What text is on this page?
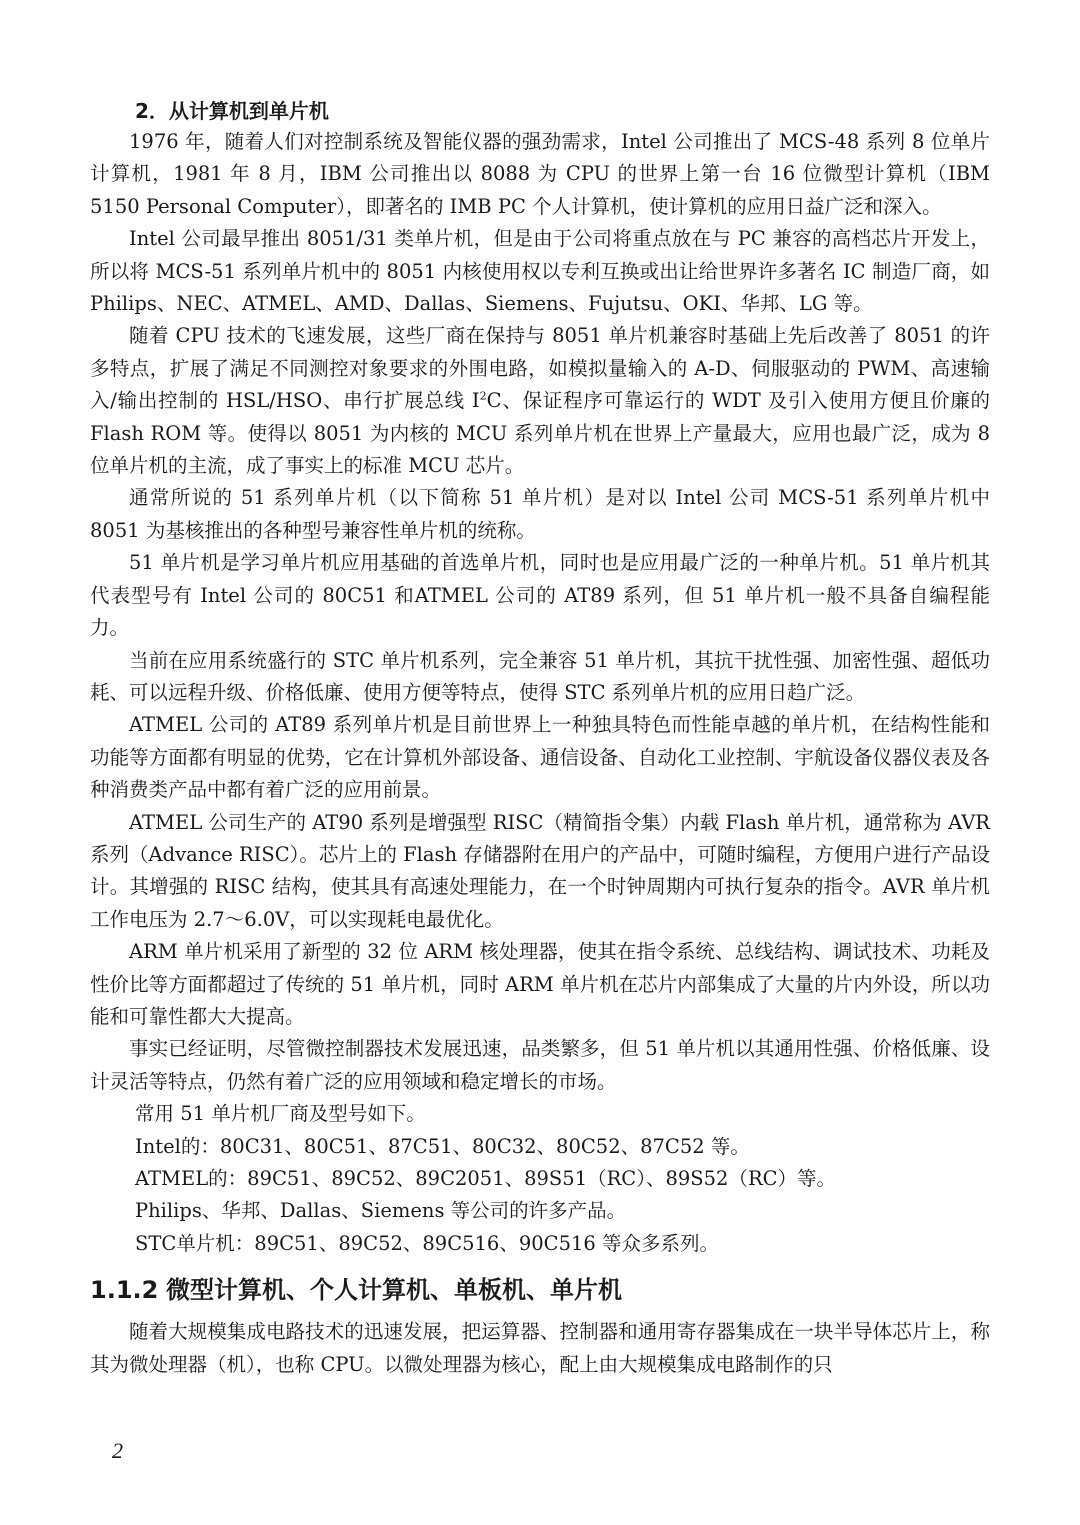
2．从计算机到单片机

1976 年，随着人们对控制系统及智能仪器的强劲需求，Intel 公司推出了 MCS-48 系列 8 位单片计算机，1981 年 8 月，IBM 公司推出以 8088 为 CPU 的世界上第一台 16 位微型计算机（IBM 5150 Personal Computer），即著名的 IMB PC 个人计算机，使计算机的应用日益广泛和深入。

Intel 公司最早推出 8051/31 类单片机，但是由于公司将重点放在与 PC 兼容的高档芯片开发上，所以将 MCS-51 系列单片机中的 8051 内核使用权以专利互换或出让给世界许多著名 IC 制造厂商，如 Philips、NEC、ATMEL、AMD、Dallas、Siemens、Fujutsu、OKI、华邦、LG 等。

随着 CPU 技术的飞速发展，这些厂商在保持与 8051 单片机兼容时基础上先后改善了 8051 的许多特点，扩展了满足不同测控对象要求的外围电路，如模拟量输入的 A-D、伺服驱动的 PWM、高速输入/输出控制的 HSL/HSO、串行扩展总线 $I^2C$、保证程序可靠运行的 WDT 及引入使用方便且价廉的 Flash ROM 等。使得以 8051 为内核的 MCU 系列单片机在世界上产量最大，应用也最广泛，成为 8 位单片机的主流，成了事实上的标准 MCU 芯片。

通常所说的 51 系列单片机（以下简称 51 单片机）是对以 Intel 公司 MCS-51 系列单片机中 8051 为基核推出的各种型号兼容性单片机的统称。

51 单片机是学习单片机应用基础的首选单片机，同时也是应用最广泛的一种单片机。51 单片机其代表型号有 Intel 公司的 80C51 和ATMEL 公司的 AT89 系列，但 51 单片机一般不具备自编程能力。

当前在应用系统盛行的 STC 单片机系列，完全兼容 51 单片机，其抗干扰性强、加密性强、超低功耗、可以远程升级、价格低廉、使用方便等特点，使得 STC 系列单片机的应用日趋广泛。

ATMEL 公司的 AT89 系列单片机是目前世界上一种独具特色而性能卓越的单片机，在结构性能和功能等方面都有明显的优势，它在计算机外部设备、通信设备、自动化工业控制、宇航设备仪器仪表及各种消费类产品中都有着广泛的应用前景。

ATMEL 公司生产的 AT90 系列是增强型 RISC（精简指令集）内载 Flash 单片机，通常称为 AVR 系列（Advance RISC）。芯片上的 Flash 存储器附在用户的产品中，可随时编程，方便用户进行产品设计。其增强的 RISC 结构，使其具有高速处理能力，在一个时钟周期内可执行复杂的指令。AVR 单片机工作电压为 2.7～6.0V，可以实现耗电最优化。

ARM 单片机采用了新型的 32 位 ARM 核处理器，使其在指令系统、总线结构、调试技术、功耗及性价比等方面都超过了传统的 51 单片机，同时 ARM 单片机在芯片内部集成了大量的片内外设，所以功能和可靠性都大大提高。

事实已经证明，尽管微控制器技术发展迅速，品类繁多，但 51 单片机以其通用性强、价格低廉、设计灵活等特点，仍然有着广泛的应用领域和稳定增长的市场。

常用 51 单片机厂商及型号如下。

Intel的：80C31、80C51、87C51、80C32、80C52、87C52 等。

ATMEL的：89C51、89C52、89C2051、89S51（RC）、89S52（RC）等。

Philips、华邦、Dallas、Siemens 等公司的许多产品。

STC单片机：89C51、89C52、89C516、90C516 等众多系列。

1.1.2 微型计算机、个人计算机、单板机、单片机

随着大规模集成电路技术的迅速发展，把运算器、控制器和通用寄存器集成在一块半导体芯片上，称其为微处理器（机），也称 CPU。以微处理器为核心，配上由大规模集成电路制作的只

2
